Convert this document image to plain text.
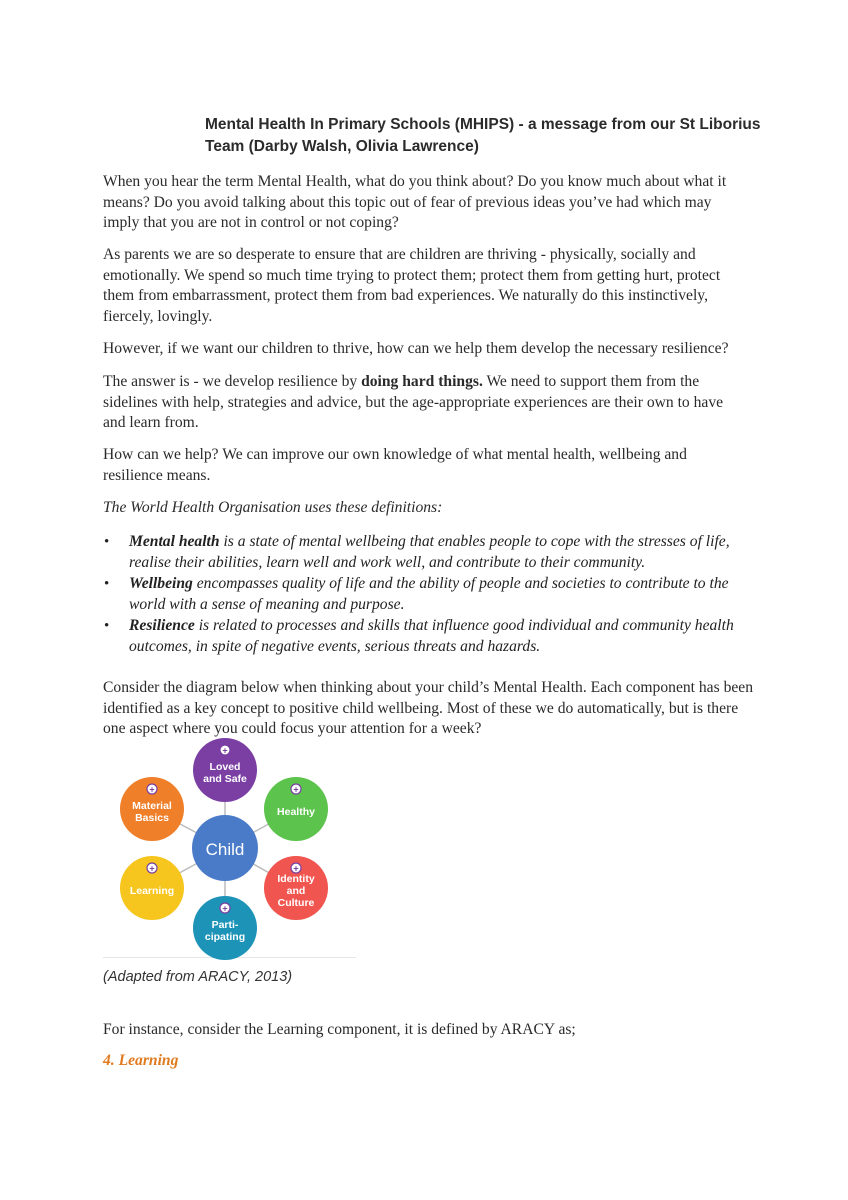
Mental Health In Primary Schools (MHIPS) - a message from our St Liborius Team (Darby Walsh, Olivia Lawrence)

When you hear the term Mental Health, what do you think about? Do you know much about what it means? Do you avoid talking about this topic out of fear of previous ideas you’ve had which may imply that you are not in control or not coping?

As parents we are so desperate to ensure that are children are thriving - physically, socially and emotionally. We spend so much time trying to protect them; protect them from getting hurt, protect them from embarrassment, protect them from bad experiences. We naturally do this instinctively, fiercely, lovingly.

However, if we want our children to thrive, how can we help them develop the necessary resilience?

The answer is - we develop resilience by doing hard things. We need to support them from the sidelines with help, strategies and advice, but the age-appropriate experiences are their own to have and learn from.

How can we help? We can improve our own knowledge of what mental health, wellbeing and resilience means.

The World Health Organisation uses these definitions:

• Mental health is a state of mental wellbeing that enables people to cope with the stresses of life, realise their abilities, learn well and work well, and contribute to their community.
• Wellbeing encompasses quality of life and the ability of people and societies to contribute to the world with a sense of meaning and purpose.
• Resilience is related to processes and skills that influence good individual and community health outcomes, in spite of negative events, serious threats and hazards.

Consider the diagram below when thinking about your child’s Mental Health. Each component has been identified as a key concept to positive child wellbeing. Most of these we do automatically, but is there one aspect where you could focus your attention for a week?

+
Loved
and Safe
+
Healthy
+
Identity
and
Culture
+
Parti-
cipating
+
Learning
+
Material
Basics
Child
(Adapted from ARACY, 2013)

For instance, consider the Learning component, it is defined by ARACY as;

4. Learning
